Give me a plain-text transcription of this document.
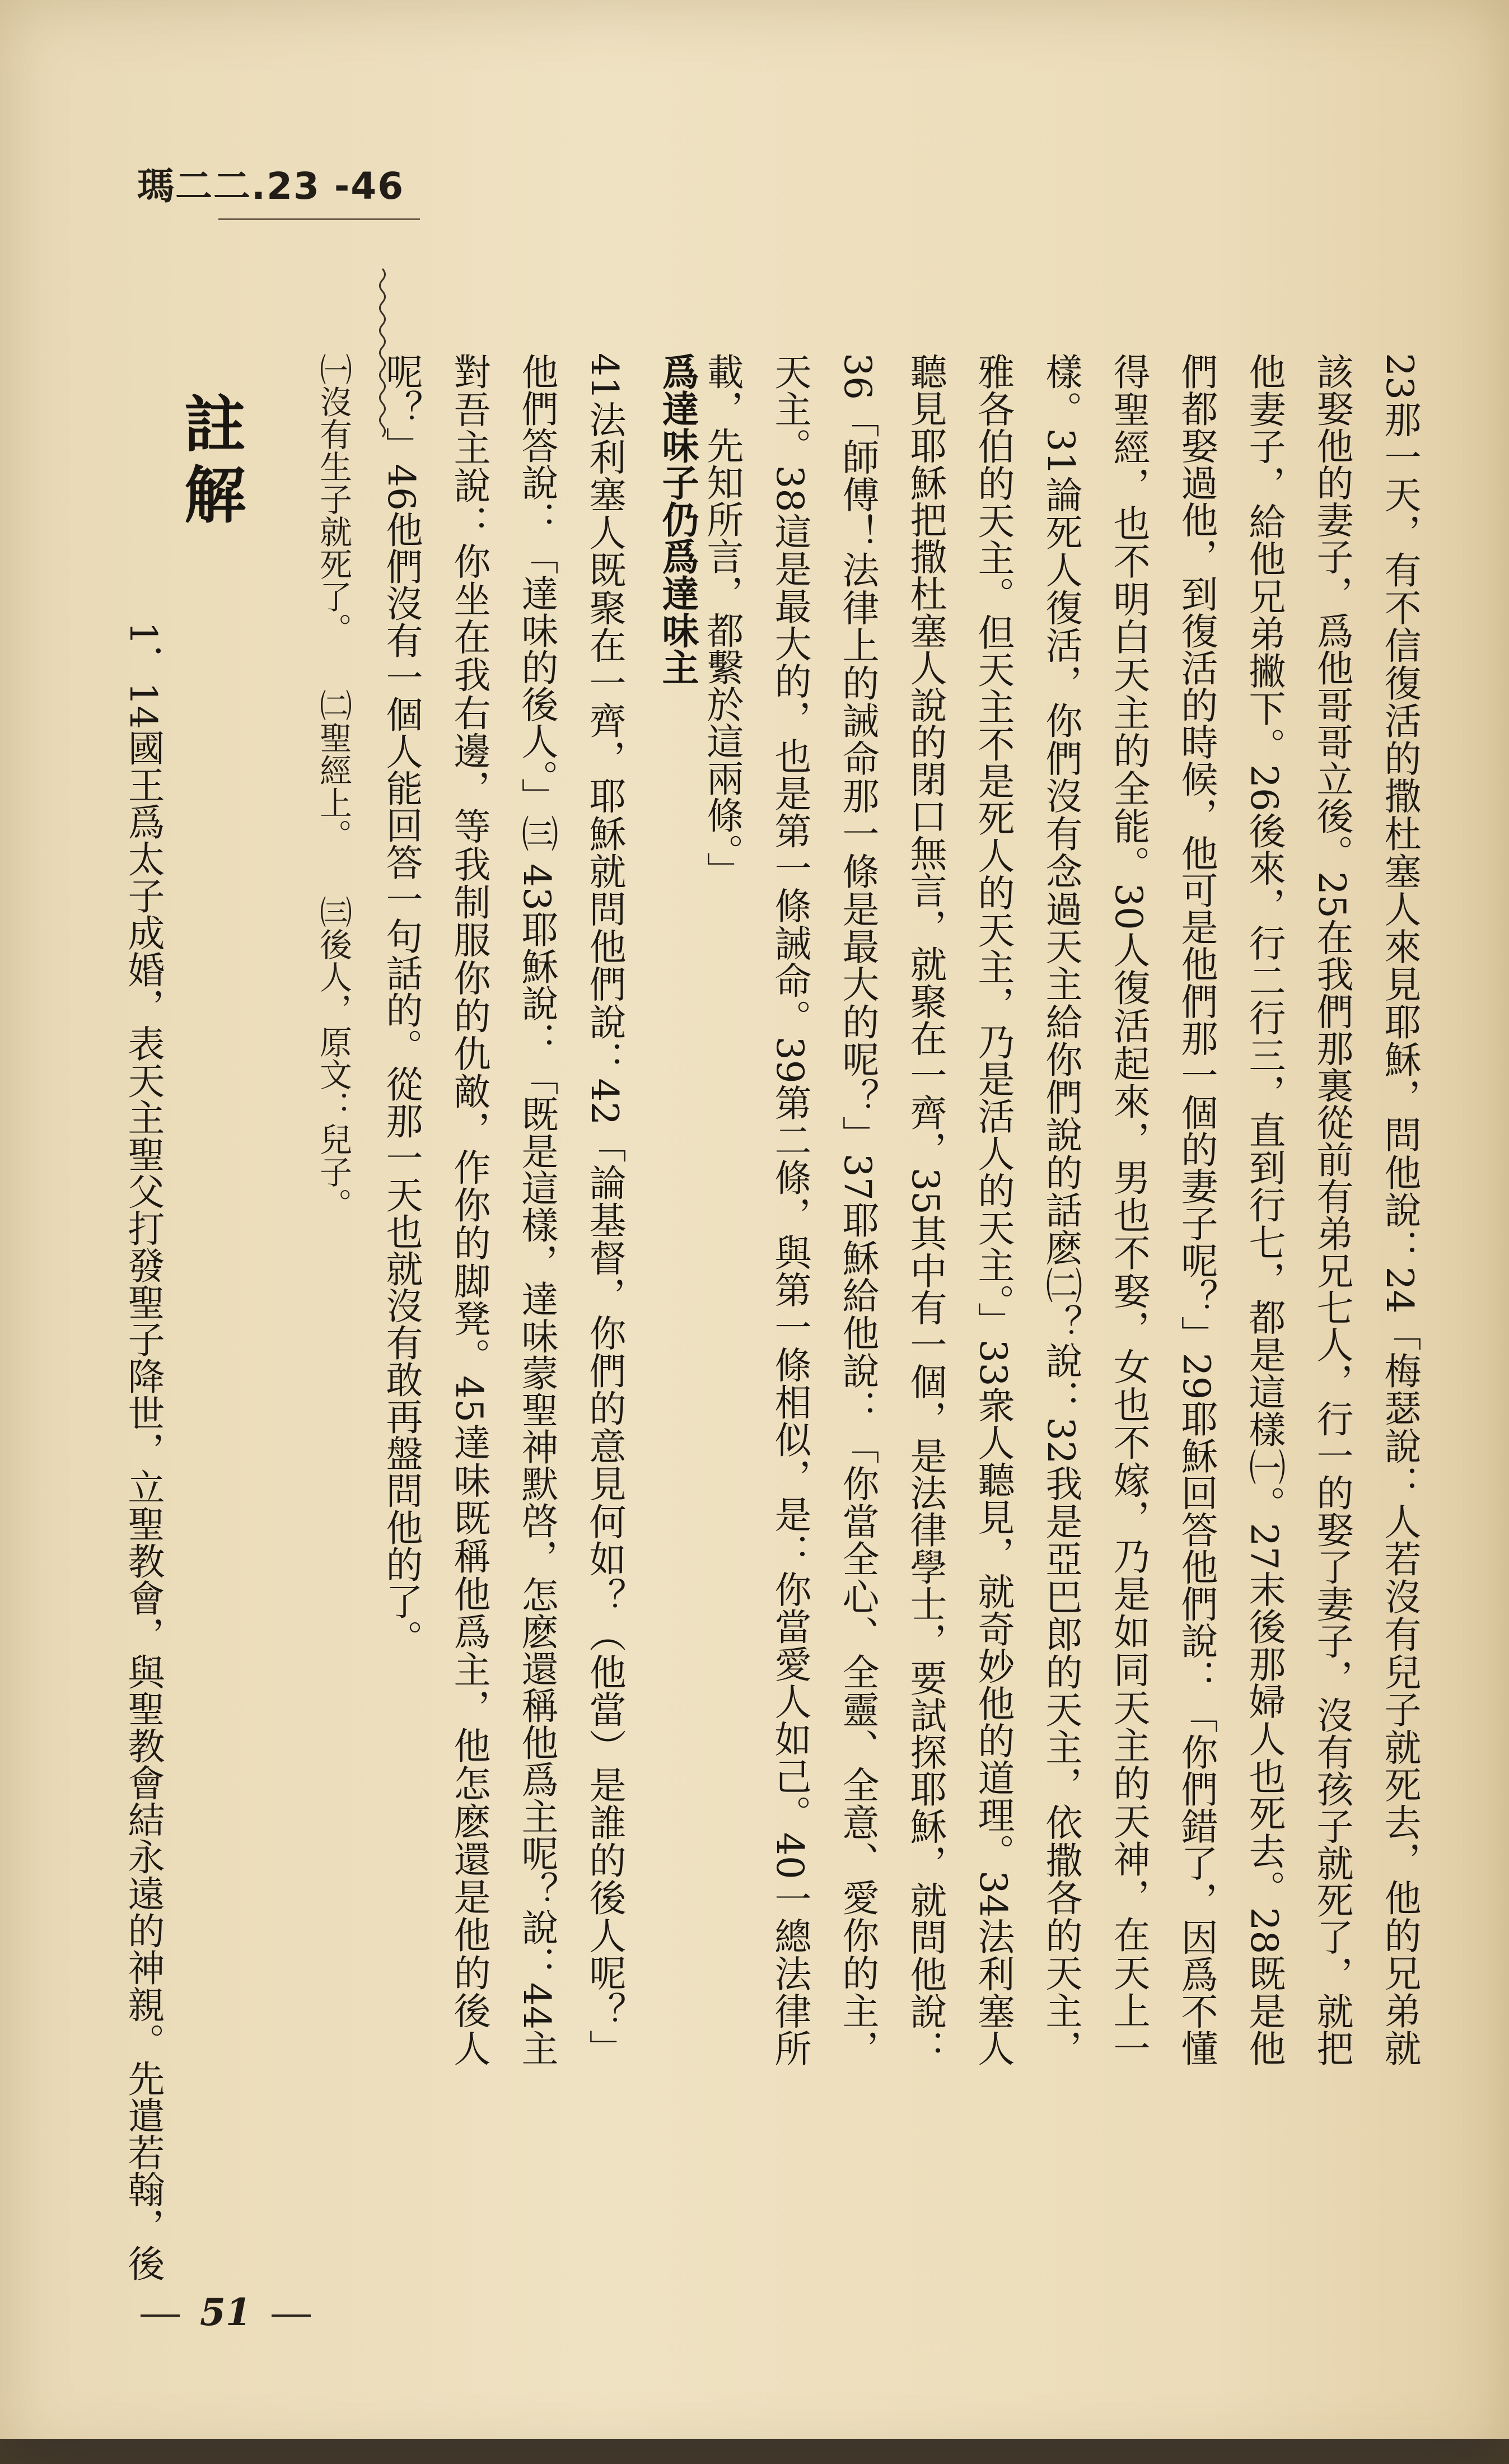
瑪二二.23 -46
23那一天，有不信復活的撒杜塞人來見耶穌，問他說：24「梅瑟說：人若沒有兒子就死去，他的兄弟就該娶他的妻子，爲他哥哥立後。25在我們那裏從前有弟兄七人，行一的娶了妻子，沒有孩子就死了，就把他妻子，給他兄弟撇下。26後來，行二行三，直到行七，都是這樣㈠。27末後那婦人也死去。28既是他們都娶過他，到復活的時候，他可是他們那一個的妻子呢？」29耶穌回答他們說：「你們錯了，因爲不懂得聖經，也不明白天主的全能。30人復活起來，男也不娶，女也不嫁，乃是如同天主的天神，在天上一樣。31論死人復活，你們沒有念過天主給你們說的話麽㈡？說：32我是亞巴郎的天主，依撒各的天主，雅各伯的天主。但天主不是死人的天主，乃是活人的天主。」33衆人聽見，就奇妙他的道理。34法利塞人聽見耶穌把撒杜塞人說的閉口無言，就聚在一齊，35其中有一個，是法律學士，要試探耶穌，就問他說：36「師傅！法律上的誡命那一條是最大的呢？」37耶穌給他說：「你當全心、全靈、全意、愛你的主，天主。38這是最大的，也是第一條誡命。39第二條，與第一條相似，是：你當愛人如己。40一總法律所載，先知所言，都繫於這兩條。」
爲達味子仍爲達味主
41法利塞人既聚在一齊，耶穌就問他們說：42「論基督，你們的意見何如？（他當）是誰的後人呢？」他們答說：「達味的後人。」㈢ 43耶穌說：「既是這樣，達味蒙聖神默啓，怎麽還稱他爲主呢？說：44主對吾主說：你坐在我右邊，等我制服你的仇敵，作你的脚凳。45達味既稱他爲主，他怎麽還是他的後人呢？」46他們沒有一個人能回答一句話的。從那一天也就沒有敢再盤問他的了。
㈠沒有生子就死了。 ㈡聖經上。 ㈢後人，原文：兒子。
註解
1．14國王爲太子成婚，表天主聖父打發聖子降世，立聖教會，與聖教會結永遠的神親。先遣若翰，後
51
